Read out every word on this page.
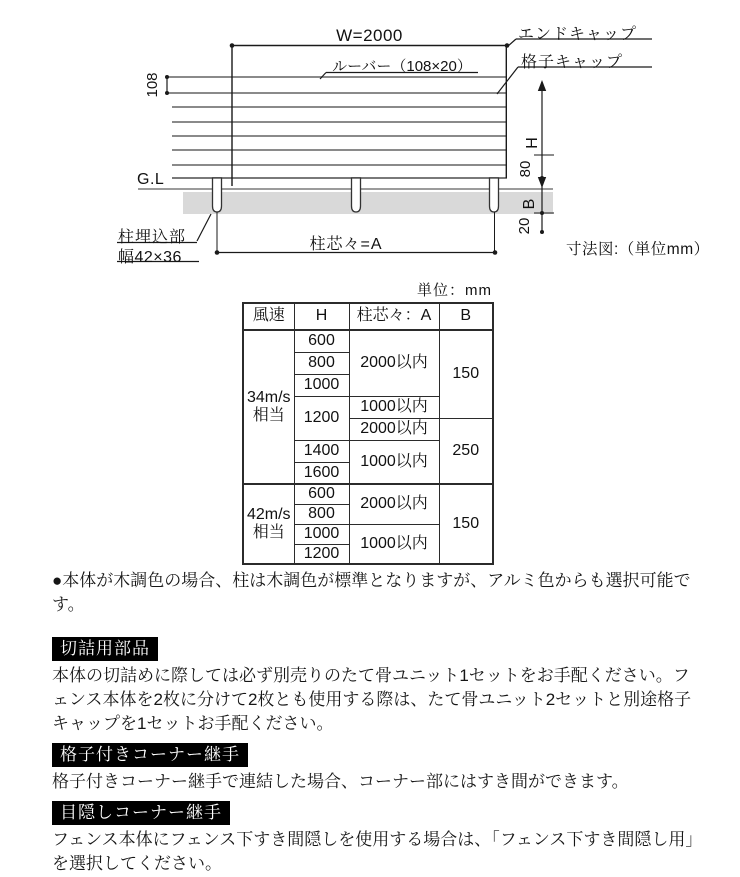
W=2000
ルーバー（108×20）
エンドキャップ
格子キャップ
108
G.L
H
80
B
20
柱埋込部
幅42×36
柱芯々=A	寸法図:（単位mm）
単位：mm
風速	H	柱芯々：A	B
34m/s相当	600	2000以内	150
	800		
	1000		
	1200	1000以内	
		2000以内	250
	1400	1000以内	
	1600		
42m/s相当	600	2000以内	150
	800		
	1000	1000以内	
	1200		

●本体が木調色の場合、柱は木調色が標準となりますが、アルミ色からも選択可能です。

切詰用部品

本体の切詰めに際しては必ず別売りのたて骨ユニット1セットをお手配ください。フェンス本体を2枚に分けて2枚とも使用する際は、たて骨ユニット2セットと別途格子キャップを1セットお手配ください。

格子付きコーナー継手

格子付きコーナー継手で連結した場合、コーナー部にはすき間ができます。

目隠しコーナー継手

フェンス本体にフェンス下すき間隠しを使用する場合は、「フェンス下すき間隠し用」を選択してください。
